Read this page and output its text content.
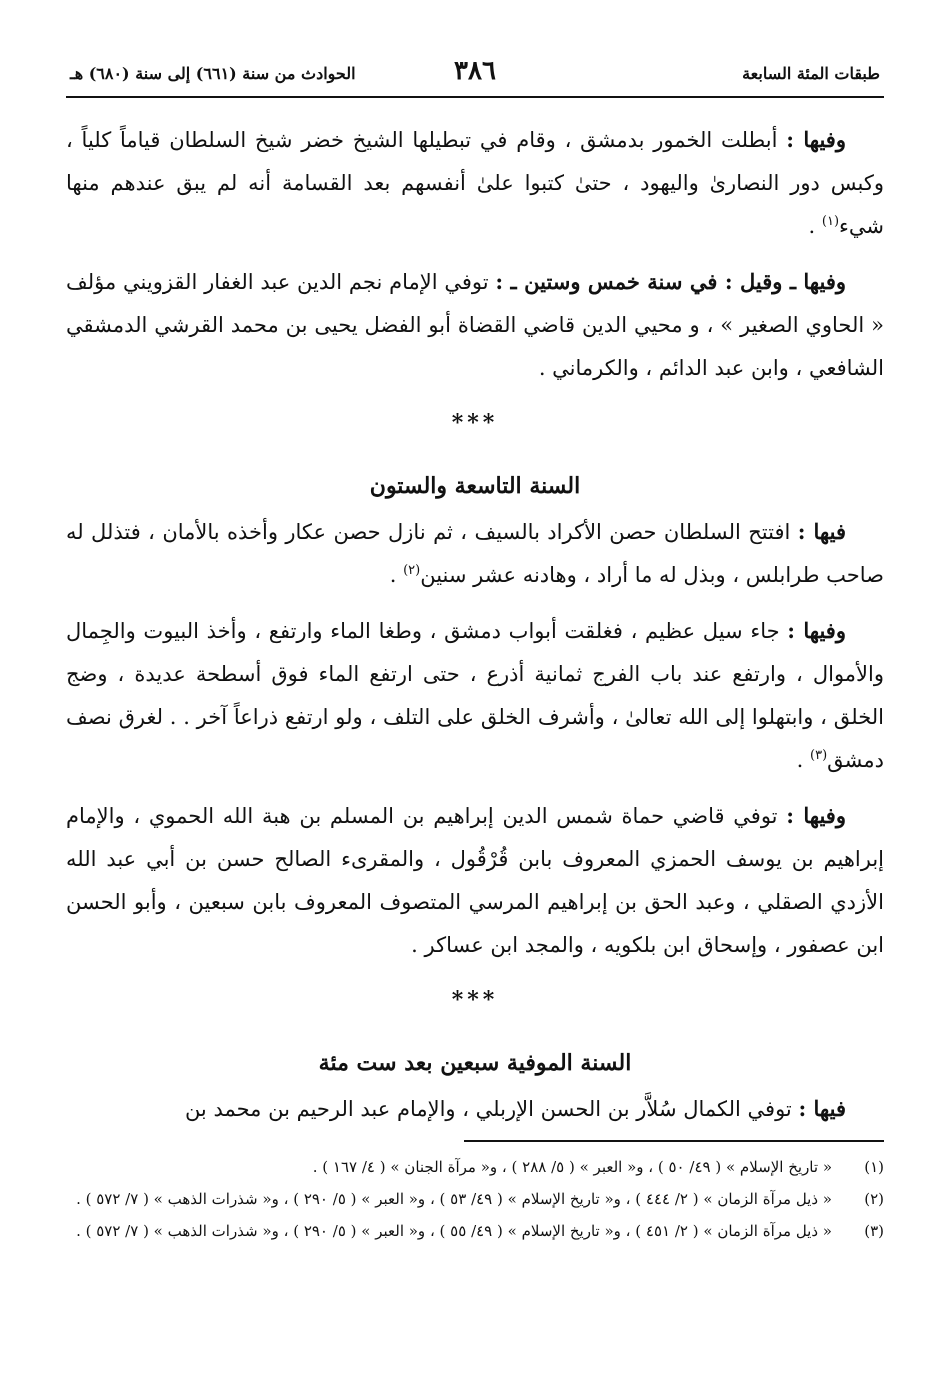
طبقات المئة السابعة
٣٨٦
الحوادث من سنة (٦٦١) إلى سنة (٦٨٠) هـ

وفيها : أبطلت الخمور بدمشق ، وقام في تبطيلها الشيخ خضر شيخ السلطان قياماً كلياً ، وكبس دور النصارىٰ واليهود ، حتىٰ كتبوا علىٰ أنفسهم بعد القسامة أنه لم يبق عندهم منها شيء$^{(١)}$ .

وفيها ـ وقيل : في سنة خمس وستين ـ : توفي الإمام نجم الدين عبد الغفار القزويني مؤلف « الحاوي الصغير » ، و محيي الدين قاضي القضاة أبو الفضل يحيى بن محمد القرشي الدمشقي الشافعي ، وابن عبد الدائم ، والكرماني .

***

السنة التاسعة والستون

فيها : افتتح السلطان حصن الأكراد بالسيف ، ثم نازل حصن عكار وأخذه بالأمان ، فتذلل له صاحب طرابلس ، وبذل له ما أراد ، وهادنه عشر سنين$^{(٢)}$ .

وفيها : جاء سيل عظيم ، فغلقت أبواب دمشق ، وطغا الماء وارتفع ، وأخذ البيوت والجِمال والأموال ، وارتفع عند باب الفرج ثمانية أذرع ، حتى ارتفع الماء فوق أسطحة عديدة ، وضج الخلق ، وابتهلوا إلى الله تعالىٰ ، وأشرف الخلق على التلف ، ولو ارتفع ذراعاً آخر . . لغرق نصف دمشق$^{(٣)}$ .

وفيها : توفي قاضي حماة شمس الدين إبراهيم بن المسلم بن هبة الله الحموي ، والإمام إبراهيم بن يوسف الحمزي المعروف بابن قُرْقُول ، والمقرىء الصالح حسن بن أبي عبد الله الأزدي الصقلي ، وعبد الحق بن إبراهيم المرسي المتصوف المعروف بابن سبعين ، وأبو الحسن ابن عصفور ، وإسحاق ابن بلكويه ، والمجد ابن عساكر .

***

السنة الموفية سبعين بعد ست مئة

فيها : توفي الكمال سُلاَّر بن الحسن الإربلي ، والإمام عبد الرحيم بن محمد بن

(١)
« تاريخ الإسلام » ( ٤٩/ ٥٠ ) ، و« العبر » ( ٥/ ٢٨٨ ) ، و« مرآة الجنان » ( ٤/ ١٦٧ ) .
(٢)
« ذيل مرآة الزمان » ( ٢/ ٤٤٤ ) ، و« تاريخ الإسلام » ( ٤٩/ ٥٣ ) ، و« العبر » ( ٥/ ٢٩٠ ) ، و« شذرات الذهب » ( ٧/ ٥٧٢ ) .
(٣)
« ذيل مرآة الزمان » ( ٢/ ٤٥١ ) ، و« تاريخ الإسلام » ( ٤٩/ ٥٥ ) ، و« العبر » ( ٥/ ٢٩٠ ) ، و« شذرات الذهب » ( ٧/ ٥٧٢ ) .
